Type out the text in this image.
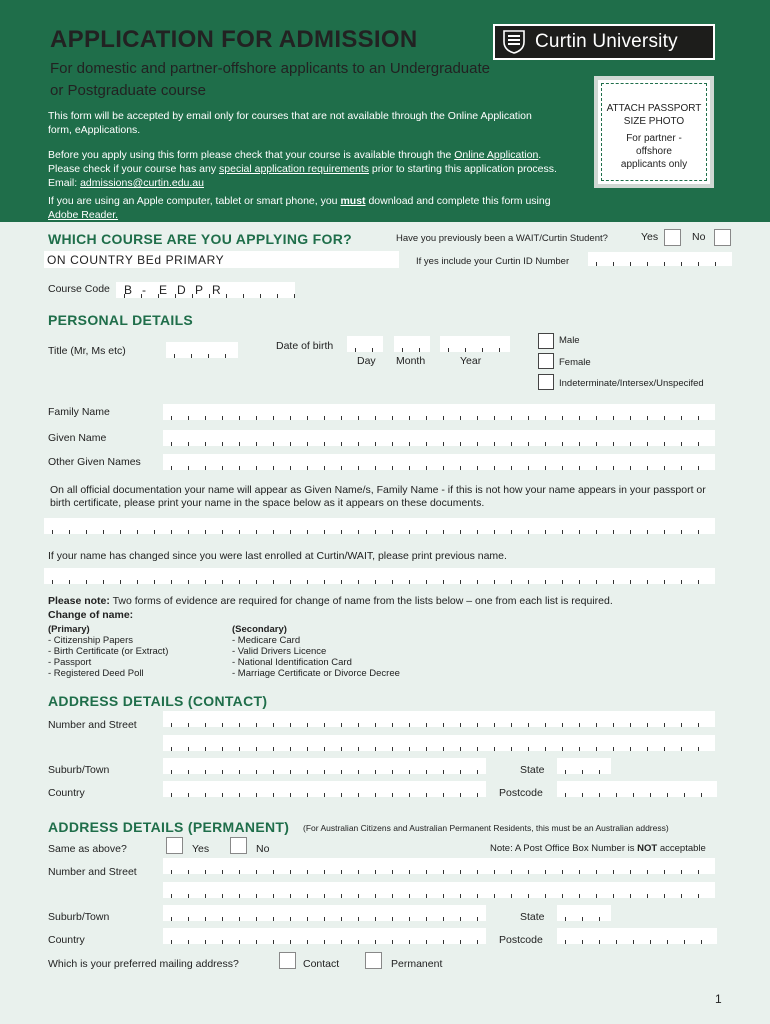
APPLICATION FOR ADMISSION
For domestic and partner-offshore applicants to an Undergraduate or Postgraduate course
Curtin University
ATTACH PASSPORT
SIZE PHOTO
For partner -
offshore
applicants only
This form will be accepted by email only for courses that are not available through the Online Application form, eApplications.
Before you apply using this form please check that your course is available through the Online Application. Please check if your course has any special application requirements prior to starting this application process. Email: admissions@curtin.edu.au
If you are using an Apple computer, tablet or smart phone, you must download and complete this form using Adobe Reader.
WHICH COURSE ARE YOU APPLYING FOR?	Have you previously been a WAIT/Curtin Student?	Yes	No
ON COUNTRY BEd PRIMARY	If yes include your Curtin ID Number
Course Code B - E D P R
PERSONAL DETAILS
Title (Mr, Ms etc)	Date of birth
Day Month	Year
Male
Female
Indeterminate/Intersex/Unspecifed
Family Name
Given Name
Other Given Names
On all official documentation your name will appear as Given Name/s, Family Name - if this is not how your name appears in your passport or birth certificate, please print your name in the space below as it appears on these documents.
If your name has changed since you were last enrolled at Curtin/WAIT, please print previous name.
Please note: Two forms of evidence are required for change of name from the lists below – one from each list is required.
Change of name:
(Primary)
- Citizenship Papers
- Birth Certificate (or Extract)
- Passport
- Registered Deed Poll
(Secondary)
- Medicare Card
- Valid Drivers Licence
- National Identification Card
- Marriage Certificate or Divorce Decree
ADDRESS DETAILS (CONTACT)
Number and Street
Suburb/Town	State
Country	Postcode
ADDRESS DETAILS (PERMANENT) (For Australian Citizens and Australian Permanent Residents, this must be an Australian address)
Same as above?	Yes	No	Note: A Post Office Box Number is NOT acceptable
Number and Street
Suburb/Town	State
Country	Postcode
Which is your preferred mailing address?	Contact	Permanent
1
